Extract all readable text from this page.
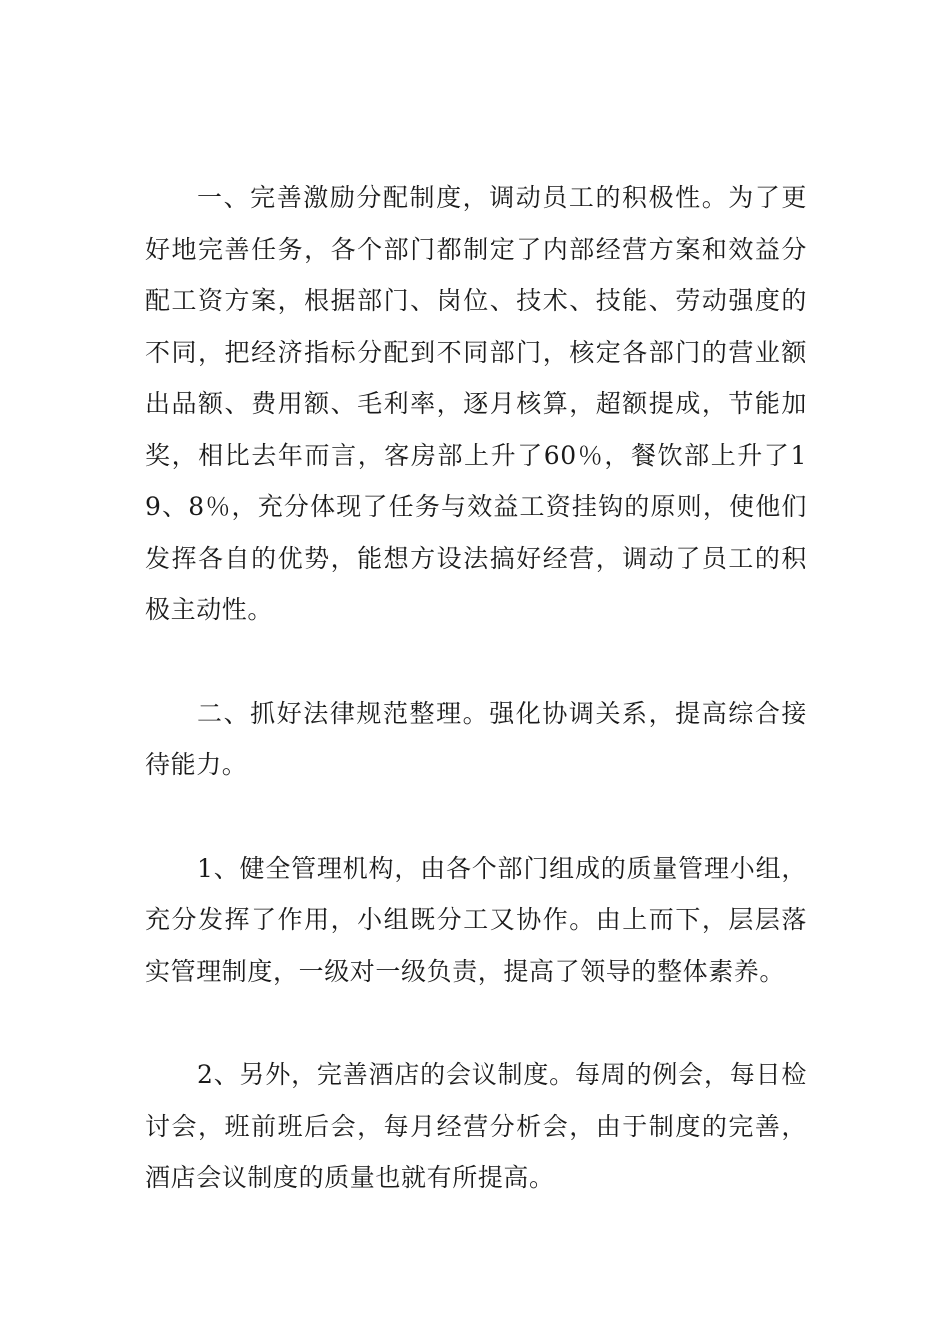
一、完善激励分配制度，调动员工的积极性。为了更好地完善任务，各个部门都制定了内部经营方案和效益分配工资方案，根据部门、岗位、技术、技能、劳动强度的不同，把经济指标分配到不同部门，核定各部门的营业额出品额、费用额、毛利率，逐月核算，超额提成，节能加奖，相比去年而言，客房部上升了60％，餐饮部上升了19、8％，充分体现了任务与效益工资挂钩的原则，使他们发挥各自的优势，能想方设法搞好经营，调动了员工的积极主动性。

二、抓好法律规范整理。强化协调关系，提高综合接待能力。

1、健全管理机构，由各个部门组成的质量管理小组，充分发挥了作用，小组既分工又协作。由上而下，层层落实管理制度，一级对一级负责，提高了领导的整体素养。

2、另外，完善酒店的会议制度。每周的例会，每日检讨会，班前班后会，每月经营分析会，由于制度的完善，酒店会议制度的质量也就有所提高。
